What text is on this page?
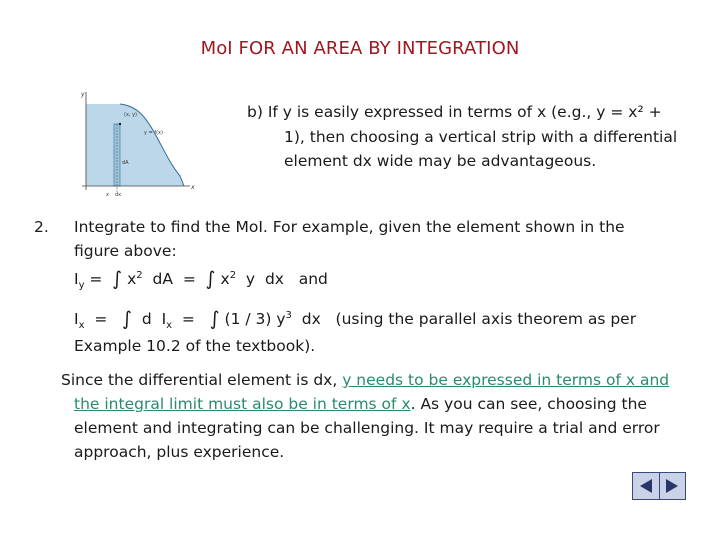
MoI FOR AN AREA BY INTEGRATION
y
x
(x, y)
y = f(x)
dA
dx
x
b) If y is easily expressed in terms of x (e.g., y = x² +
1), then choosing a vertical strip with a differential
element dx wide may be advantageous.
2. Integrate to find the MoI. For example, given the element shown in the
figure above:
$I_y$ =  ∫ $x^2$  dA  =  ∫ $x^2$  y  dx   and
$I_x$  =   ∫  d  $I_x$  =   ∫ (1 / 3) $y^3$  dx   (using the parallel axis theorem as per
Example 10.2 of the textbook).
Since the differential element is dx, y needs to be expressed in terms of x and
the integral limit must also be in terms of x. As you can see, choosing the
element and integrating can be challenging. It may require a trial and error
approach, plus experience.
